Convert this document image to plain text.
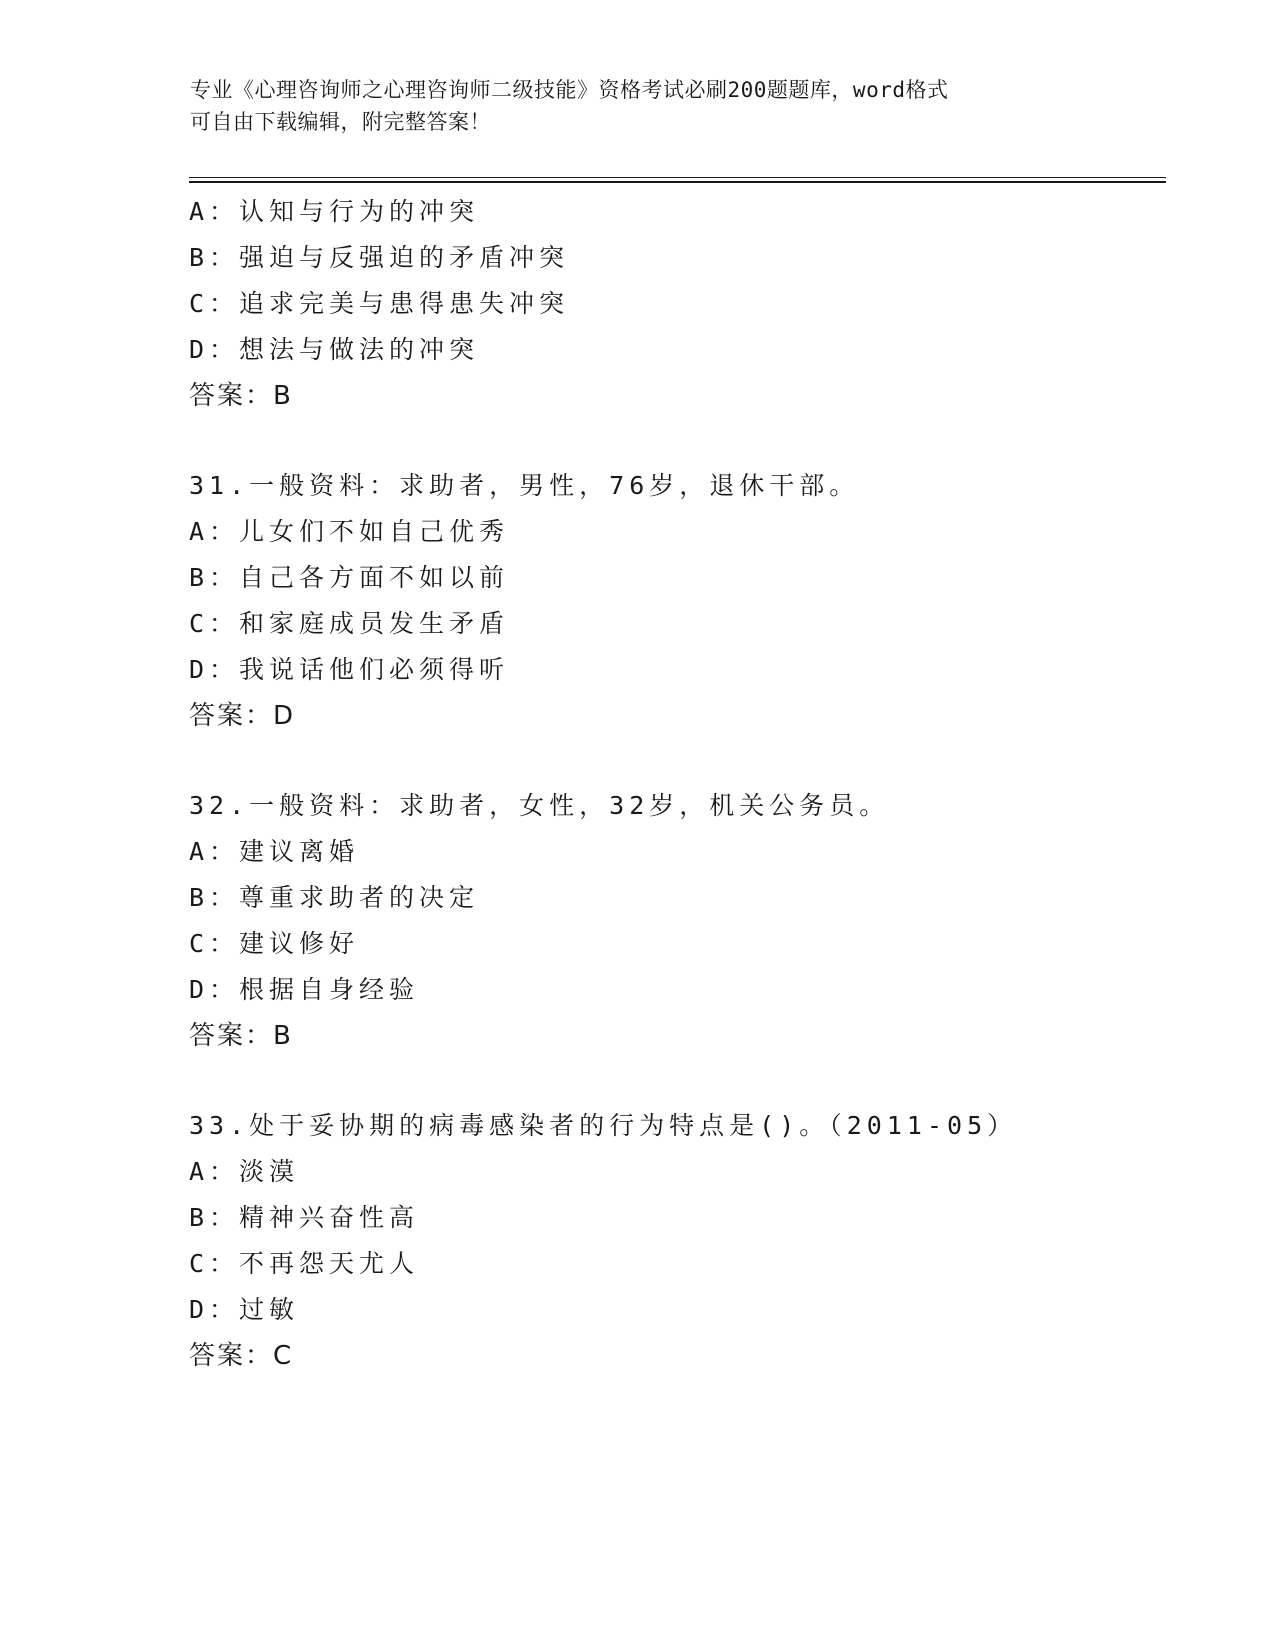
专业《心理咨询师之心理咨询师二级技能》资格考试必刷200题题库，word格式
可自由下载编辑，附完整答案！
A：认知与行为的冲突
B：强迫与反强迫的矛盾冲突
C：追求完美与患得患失冲突
D：想法与做法的冲突
答案：B
31.一般资料：求助者，男性，76岁，退休干部。
A：儿女们不如自己优秀
B：自己各方面不如以前
C：和家庭成员发生矛盾
D：我说话他们必须得听
答案：D
32.一般资料：求助者，女性，32岁，机关公务员。
A：建议离婚
B：尊重求助者的决定
C：建议修好
D：根据自身经验
答案：B
33.处于妥协期的病毒感染者的行为特点是()。（2011-05）
A：淡漠
B：精神兴奋性高
C：不再怨天尤人
D：过敏
答案：C
